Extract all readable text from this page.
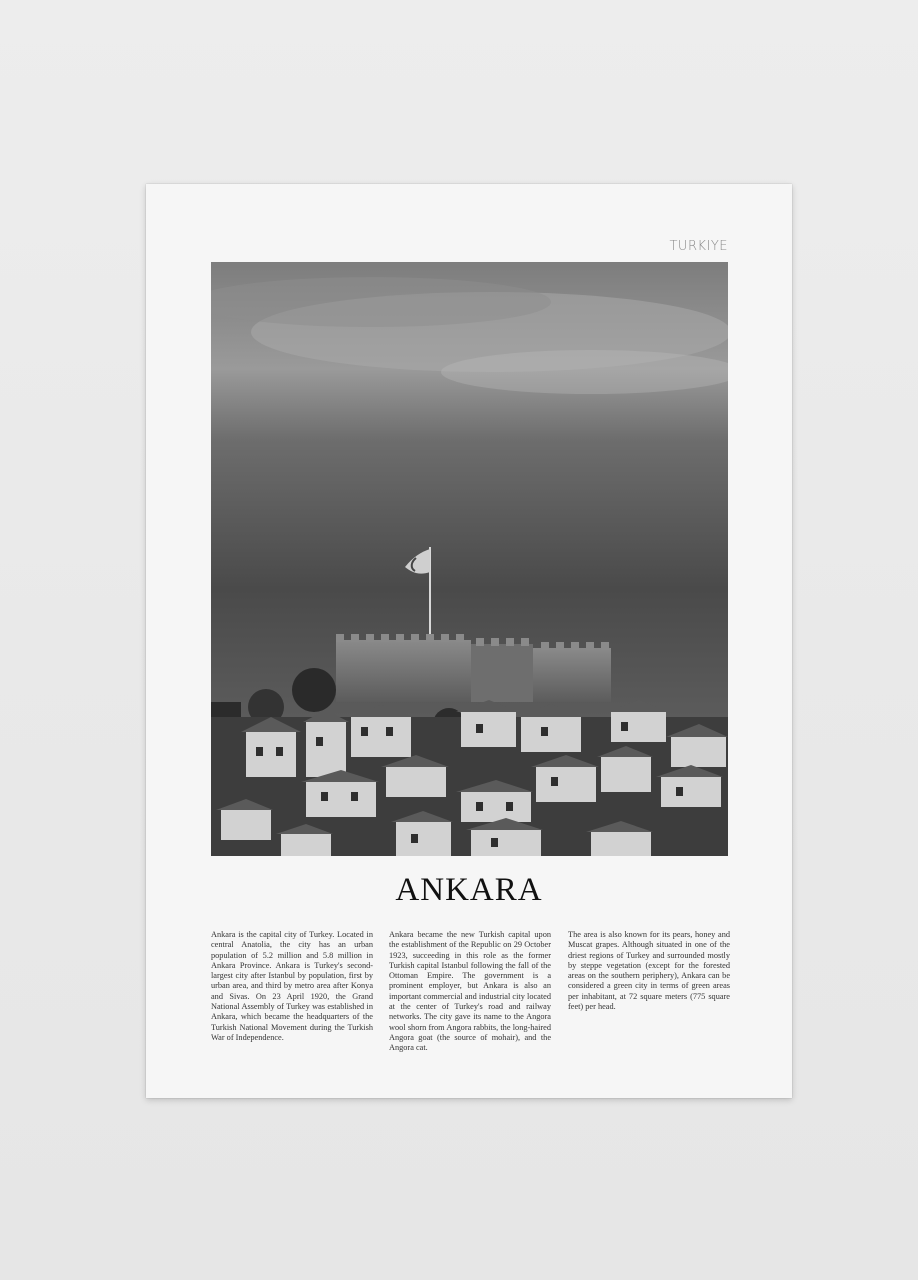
TURKIYE
ANKARA
Ankara is the capital city of Turkey. Located in central Anatolia, the city has an urban population of 5.2 million and 5.8 million in Ankara Province. Ankara is Turkey's second-largest city after Istanbul by population, first by urban area, and third by metro area after Konya and Sivas. On 23 April 1920, the Grand National Assembly of Turkey was established in Ankara, which became the headquarters of the Turkish National Movement during the Turkish War of Independence.
Ankara became the new Turkish capital upon the establishment of the Republic on 29 October 1923, succeeding in this role as the former Turkish capital Istanbul following the fall of the Ottoman Empire. The government is a prominent employer, but Ankara is also an important commercial and industrial city located at the center of Turkey's road and railway networks. The city gave its name to the Angora wool shorn from Angora rabbits, the long-haired Angora goat (the source of mohair), and the Angora cat.
The area is also known for its pears, honey and Muscat grapes. Although situated in one of the driest regions of Turkey and surrounded mostly by steppe vegetation (except for the forested areas on the southern periphery), Ankara can be considered a green city in terms of green areas per inhabitant, at 72 square meters (775 square feet) per head.
